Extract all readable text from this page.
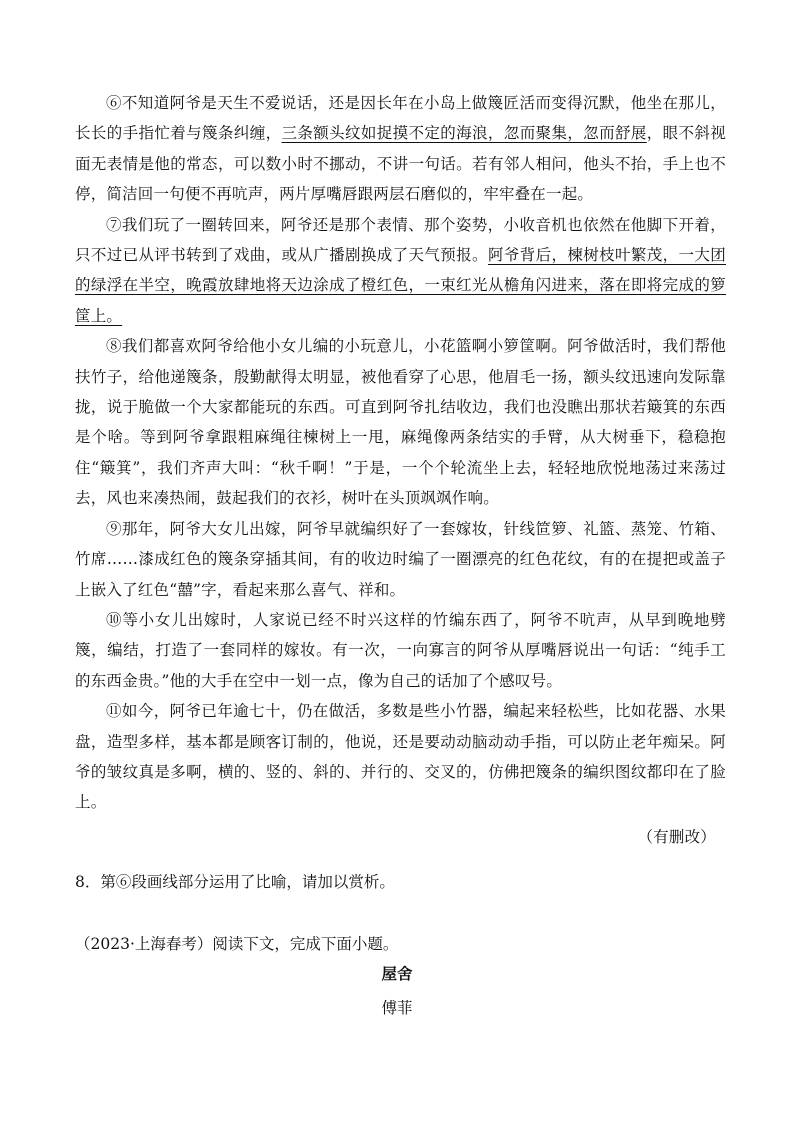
⑥不知道阿爷是天生不爱说话，还是因长年在小岛上做篾匠活而变得沉默，他坐在那儿，长长的手指忙着与篾条纠缠，三条额头纹如捉摸不定的海浪，忽而聚集，忽而舒展，眼不斜视面无表情是他的常态，可以数小时不挪动，不讲一句话。若有邻人相问，他头不抬，手上也不停，简洁回一句便不再吭声，两片厚嘴唇跟两层石磨似的，牢牢叠在一起。

⑦我们玩了一圈转回来，阿爷还是那个表情、那个姿势，小收音机也依然在他脚下开着，只不过已从评书转到了戏曲，或从广播剧换成了天气预报。阿爷背后，楝树枝叶繁茂，一大团的绿浮在半空，晚霞放肆地将天边涂成了橙红色，一束红光从檐角闪进来，落在即将完成的箩筐上。

⑧我们都喜欢阿爷给他小女儿编的小玩意儿，小花篮啊小箩筐啊。阿爷做活时，我们帮他扶竹子，给他递篾条，殷勤献得太明显，被他看穿了心思，他眉毛一扬，额头纹迅速向发际靠拢，说于脆做一个大家都能玩的东西。可直到阿爷扎结收边，我们也没瞧出那状若簸箕的东西是个啥。等到阿爷拿跟粗麻绳往楝树上一甩，麻绳像两条结实的手臂，从大树垂下，稳稳抱住“簸箕”，我们齐声大叫：“秋千啊！”于是，一个个轮流坐上去，轻轻地欣悦地荡过来荡过去，风也来凑热闹，鼓起我们的衣衫，树叶在头顶飒飒作响。

⑨那年，阿爷大女儿出嫁，阿爷早就编织好了一套嫁妆，针线笸箩、礼篮、蒸笼、竹箱、竹席……漆成红色的篾条穿插其间，有的收边时编了一圈漂亮的红色花纹，有的在提把或盖子上嵌入了红色“囍”字，看起来那么喜气、祥和。

⑩等小女儿出嫁时，人家说已经不时兴这样的竹编东西了，阿爷不吭声，从早到晚地劈篾，编结，打造了一套同样的嫁妆。有一次，一向寡言的阿爷从厚嘴唇说出一句话：“纯手工的东西金贵。”他的大手在空中一划一点，像为自己的话加了个感叹号。

⑪如今，阿爷已年逾七十，仍在做活，多数是些小竹器，编起来轻松些，比如花器、水果盘，造型多样，基本都是顾客订制的，他说，还是要动动脑动动手指，可以防止老年痴呆。阿爷的皱纹真是多啊，横的、竖的、斜的、并行的、交叉的，仿佛把篾条的编织图纹都印在了脸上。

（有删改）

8．第⑥段画线部分运用了比喻，请加以赏析。
（2023·上海春考）阅读下文，完成下面小题。
屋舍
傅菲
